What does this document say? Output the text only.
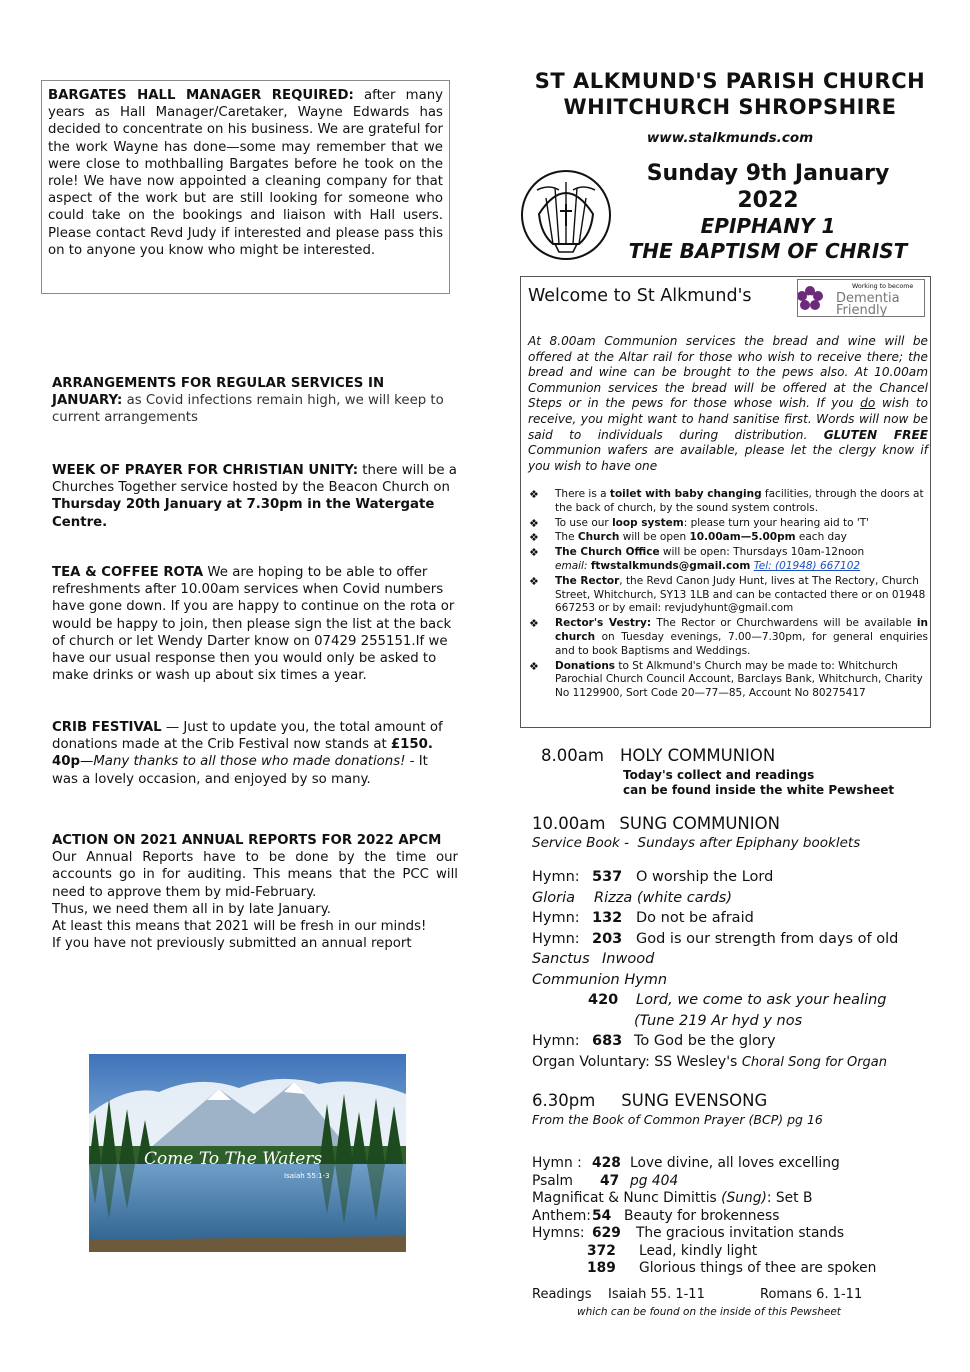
BARGATES HALL MANAGER REQUIRED: after many years as Hall Manager/Caretaker, Wayne Edwards has decided to concentrate on his business. We are grateful for the work Wayne has done—some may remember that we were close to mothballing Bargates before he took on the role! We have now appointed a cleaning company for that aspect of the work but are still looking for someone who could take on the bookings and liaison with Hall users. Please contact Revd Judy if interested and please pass this on to anyone you know who might be interested.
ARRANGEMENTS FOR REGULAR SERVICES IN JANUARY: as Covid infections remain high, we will keep to current arrangements
WEEK OF PRAYER FOR CHRISTIAN UNITY: there will be a Churches Together service hosted by the Beacon Church on Thursday 20th January at 7.30pm in the Watergate Centre.
TEA & COFFEE ROTA We are hoping to be able to offer refreshments after 10.00am services when Covid numbers have gone down. If you are happy to continue on the rota or would be happy to join, then please sign the list at the back of church or let Wendy Darter know on 07429 255151.If we have our usual response then you would only be asked to make drinks or wash up about six times a year.
CRIB FESTIVAL — Just to update you, the total amount of donations made at the Crib Festival now stands at £150. 40p—Many thanks to all those who made donations! - It was a lovely occasion, and enjoyed by so many.
ACTION ON 2021 ANNUAL REPORTS FOR 2022 APCM
Our Annual Reports have to be done by the time our accounts go in for auditing. This means that the PCC will need to approve them by mid-February.
Thus, we need them all in by late January.
At least this means that 2021 will be fresh in our minds!
If you have not previously submitted an annual report
Come To The Waters
Isaiah 55:1-3
ST ALKMUND'S PARISH CHURCH
WHITCHURCH SHROPSHIRE
www.stalkmunds.com
Sunday 9th January 2022
EPIPHANY 1
THE BAPTISM OF CHRIST
Welcome to St Alkmund's	Working to become
Dementia
Friendly
At 8.00am Communion services the bread and wine will be offered at the Altar rail for those who wish to receive there; the bread and wine can be brought to the pews also. At 10.00am Communion services the bread will be offered at the Chancel Steps or in the pews for those whose wish. If you do wish to receive, you might want to hand sanitise first. Words will now be said to individuals during distribution. GLUTEN FREE Communion wafers are available, please let the clergy know if you wish to have one
❖ There is a toilet with baby changing facilities, through the doors at the back of church, by the sound system controls.
❖ To use our loop system: please turn your hearing aid to 'T'
❖ The Church will be open 10.00am—5.00pm each day
❖ The Church Office will be open: Thursdays 10am-12noon
email: ftwstalkmunds@gmail.com Tel: (01948) 667102
❖ The Rector, the Revd Canon Judy Hunt, lives at The Rectory, Church Street, Whitchurch, SY13 1LB and can be contacted there or on 01948 667253 or by email: revjudyhunt@gmail.com
❖ Rector's Vestry: The Rector or Churchwardens will be available in church on Tuesday evenings, 7.00—7.30pm, for general enquiries and to book Baptisms and Weddings.
❖ Donations to St Alkmund's Church may be made to: Whitchurch Parochial Church Council Account, Barclays Bank, Whitchurch, Charity No 1129900, Sort Code 20—77—85, Account No 80275417
8.00am HOLY COMMUNION
Today's collect and readings
can be found inside the white Pewsheet
10.00am SUNG COMMUNION
Service Book - Sundays after Epiphany booklets
Hymn: 537 O worship the Lord
Gloria Rizza (white cards)
Hymn: 132 Do not be afraid
Hymn: 203 God is our strength from days of old
Sanctus Inwood
Communion Hymn
420 Lord, we come to ask your healing
(Tune 219 Ar hyd y nos
Hymn: 683 To God be the glory
Organ Voluntary: SS Wesley's Choral Song for Organ
6.30pm SUNG EVENSONG
From the Book of Common Prayer (BCP) pg 16
Hymn : 428 Love divine, all loves excelling
Psalm 47 pg 404
Magnificat & Nunc Dimittis (Sung): Set B
Anthem:54 Beauty for brokenness
Hymns: 629 The gracious invitation stands
372 Lead, kindly light
189 Glorious things of thee are spoken
Readings Isaiah 55. 1-11	Romans 6. 1-11
which can be found on the inside of this Pewsheet
